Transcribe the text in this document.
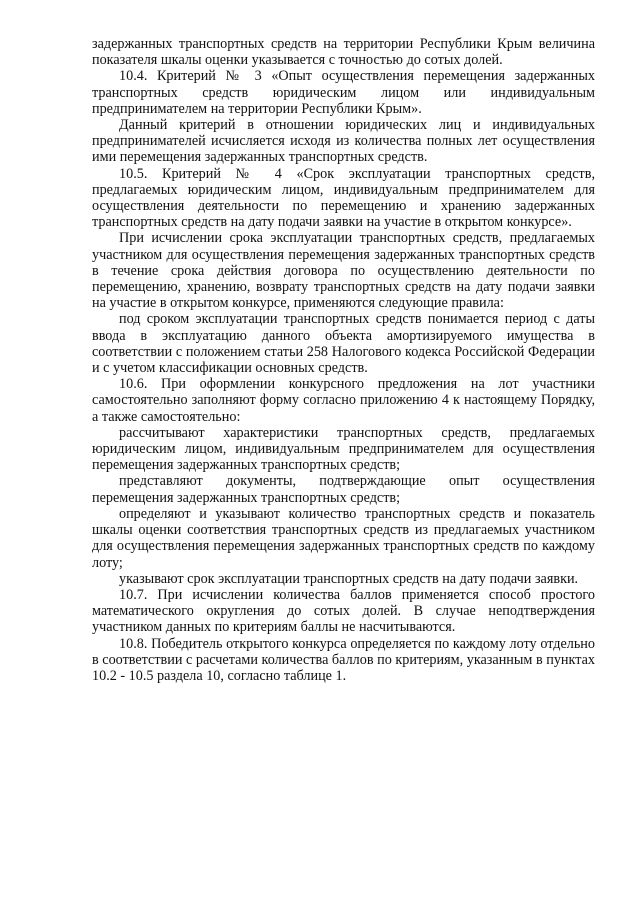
задержанных транспортных средств на территории Республики Крым величина показателя шкалы оценки указывается с точностью до сотых долей.

10.4. Критерий № 3 «Опыт осуществления перемещения задержанных транспортных средств юридическим лицом или индивидуальным предпринимателем на территории Республики Крым».

Данный критерий в отношении юридических лиц и индивидуальных предпринимателей исчисляется исходя из количества полных лет осуществления ими перемещения задержанных транспортных средств.

10.5. Критерий № 4 «Срок эксплуатации транспортных средств, предлагаемых юридическим лицом, индивидуальным предпринимателем для осуществления деятельности по перемещению и хранению задержанных транспортных средств на дату подачи заявки на участие в открытом конкурсе».

При исчислении срока эксплуатации транспортных средств, предлагаемых участником для осуществления перемещения задержанных транспортных средств в течение срока действия договора по осуществлению деятельности по перемещению, хранению, возврату транспортных средств на дату подачи заявки на участие в открытом конкурсе, применяются следующие правила:

под сроком эксплуатации транспортных средств понимается период с даты ввода в эксплуатацию данного объекта амортизируемого имущества в соответствии с положением статьи 258 Налогового кодекса Российской Федерации и с учетом классификации основных средств.

10.6. При оформлении конкурсного предложения на лот участники самостоятельно заполняют форму согласно приложению 4 к настоящему Порядку, а также самостоятельно:

рассчитывают характеристики транспортных средств, предлагаемых юридическим лицом, индивидуальным предпринимателем для осуществления перемещения задержанных транспортных средств;

представляют документы, подтверждающие опыт осуществления перемещения задержанных транспортных средств;

определяют и указывают количество транспортных средств и показатель шкалы оценки соответствия транспортных средств из предлагаемых участником для осуществления перемещения задержанных транспортных средств по каждому лоту;

указывают срок эксплуатации транспортных средств на дату подачи заявки.

10.7. При исчислении количества баллов применяется способ простого математического округления до сотых долей. В случае неподтверждения участником данных по критериям баллы не насчитываются.

10.8. Победитель открытого конкурса определяется по каждому лоту отдельно в соответствии с расчетами количества баллов по критериям, указанным в пунктах 10.2 - 10.5 раздела 10, согласно таблице 1.
